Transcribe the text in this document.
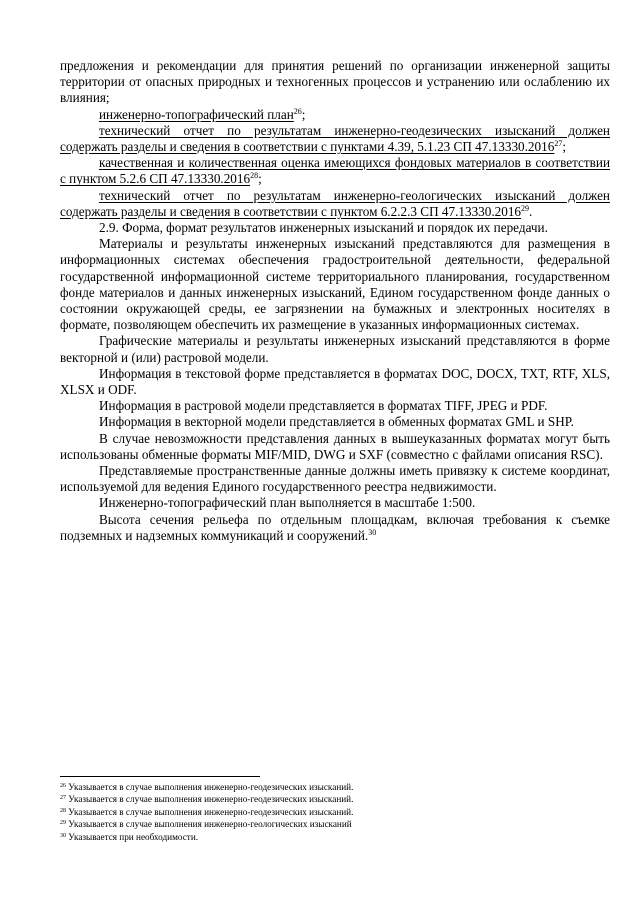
предложения и рекомендации для принятия решений по организации инженерной защиты территории от опасных природных и техногенных процессов и устранению или ослаблению их влияния;

инженерно-топографический план$^{26}$;

технический отчет по результатам инженерно-геодезических изысканий должен содержать разделы и сведения в соответствии с пунктами 4.39, 5.1.23 СП 47.13330.2016$^{27}$;

качественная и количественная оценка имеющихся фондовых материалов в соответствии с пунктом 5.2.6 СП 47.13330.2016$^{28}$;

технический отчет по результатам инженерно-геологических изысканий должен содержать разделы и сведения в соответствии с пунктом 6.2.2.3 СП 47.13330.2016$^{29}$.

2.9. Форма, формат результатов инженерных изысканий и порядок их передачи.

Материалы и результаты инженерных изысканий представляются для размещения в информационных системах обеспечения градостроительной деятельности, федеральной государственной информационной системе территориального планирования, государственном фонде материалов и данных инженерных изысканий, Едином государственном фонде данных о состоянии окружающей среды, ее загрязнении на бумажных и электронных носителях в формате, позволяющем обеспечить их размещение в указанных информационных системах.

Графические материалы и результаты инженерных изысканий представляются в форме векторной и (или) растровой модели.

Информация в текстовой форме представляется в форматах DOC, DOCX, TXT, RTF, XLS, XLSX и ODF.

Информация в растровой модели представляется в форматах TIFF, JPEG и PDF.

Информация в векторной модели представляется в обменных форматах GML и SHP.

В случае невозможности представления данных в вышеуказанных форматах могут быть использованы обменные форматы MIF/MID, DWG и SXF (совместно с файлами описания RSC).

Представляемые пространственные данные должны иметь привязку к системе координат, используемой для ведения Единого государственного реестра недвижимости.

Инженерно-топографический план выполняется в масштабе 1:500.

Высота сечения рельефа по отдельным площадкам, включая требования к съемке подземных и надземных коммуникаций и сооружений.$^{30}$

$^{26}$ Указывается в случае выполнения инженерно-геодезических изысканий.

$^{27}$ Указывается в случае выполнения инженерно-геодезических изысканий.

$^{28}$ Указывается в случае выполнения инженерно-геодезических изысканий.

$^{29}$ Указывается в случае выполнения инженерно-геологических изысканий

$^{30}$ Указывается при необходимости.
